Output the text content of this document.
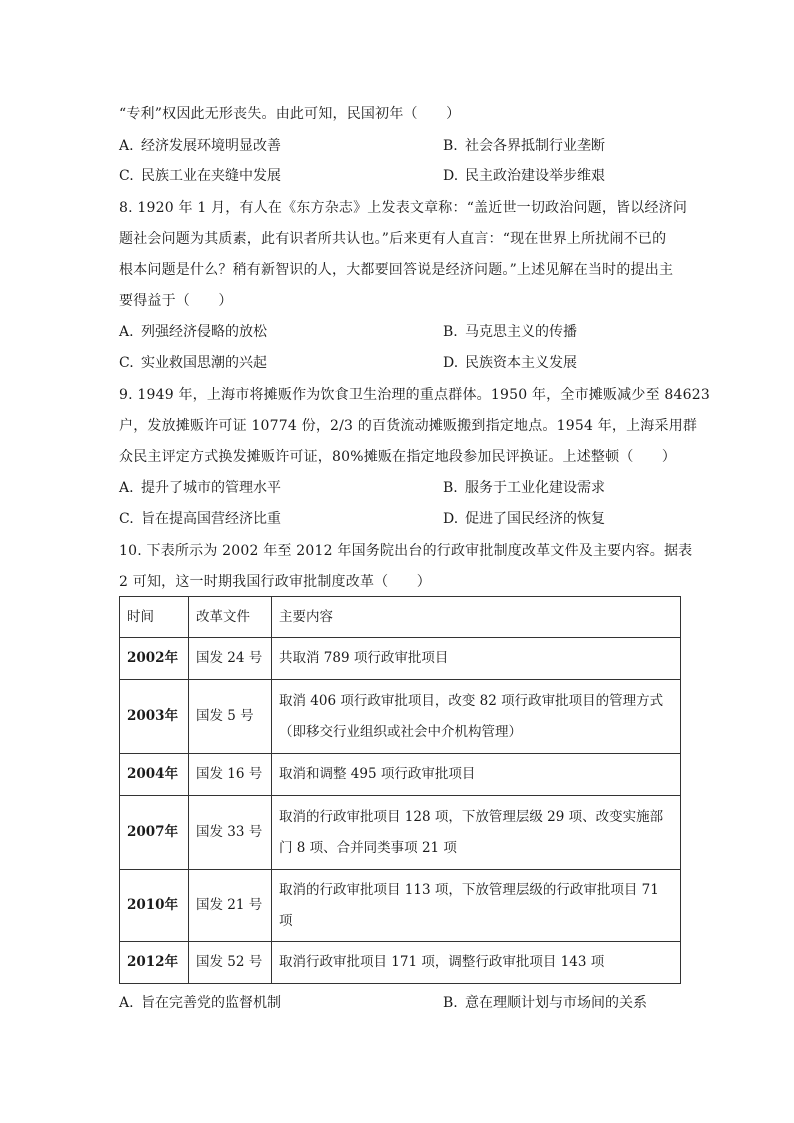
“专利”权因此无形丧失。由此可知，民国初年（　　）
A. 经济发展环境明显改善	B. 社会各界抵制行业垄断
C. 民族工业在夹缝中发展	D. 民主政治建设举步维艰
8. 1920 年 1 月，有人在《东方杂志》上发表文章称：“盖近世一切政治问题，皆以经济问
题社会问题为其质素，此有识者所共认也。”后来更有人直言：“现在世界上所扰闹不已的
根本问题是什么？稍有新智识的人，大都要回答说是经济问题。”上述见解在当时的提出主
要得益于（　　）
A. 列强经济侵略的放松	B. 马克思主义的传播
C. 实业救国思潮的兴起	D. 民族资本主义发展
9. 1949 年，上海市将摊贩作为饮食卫生治理的重点群体。1950 年，全市摊贩减少至 84623
户，发放摊贩许可证 10774 份，2/3 的百货流动摊贩搬到指定地点。1954 年，上海采用群
众民主评定方式换发摊贩许可证，80%摊贩在指定地段参加民评换证。上述整顿（　　）
A. 提升了城市的管理水平	B. 服务于工业化建设需求
C. 旨在提高国营经济比重	D. 促进了国民经济的恢复
10. 下表所示为 2002 年至 2012 年国务院出台的行政审批制度改革文件及主要内容。据表
2 可知，这一时期我国行政审批制度改革（　　）
时间	改革文件	主要内容
2002年	国发 24 号	共取消 789 项行政审批项目

2003年	国发 5 号	取消 406 项行政审批项目，改变 82 项行政审批项目的管理方式
（即移交行业组织或社会中介机构管理）

2004年	国发 16 号	取消和调整 495 项行政审批项目

2007年	国发 33 号	取消的行政审批项目 128 项，下放管理层级 29 项、改变实施部
门 8 项、合并同类事项 21 项

2010年	国发 21 号	取消的行政审批项目 113 项，下放管理层级的行政审批项目 71
项

2012年	国发 52 号	取消行政审批项目 171 项，调整行政审批项目 143 项
A. 旨在完善党的监督机制	B. 意在理顺计划与市场间的关系
